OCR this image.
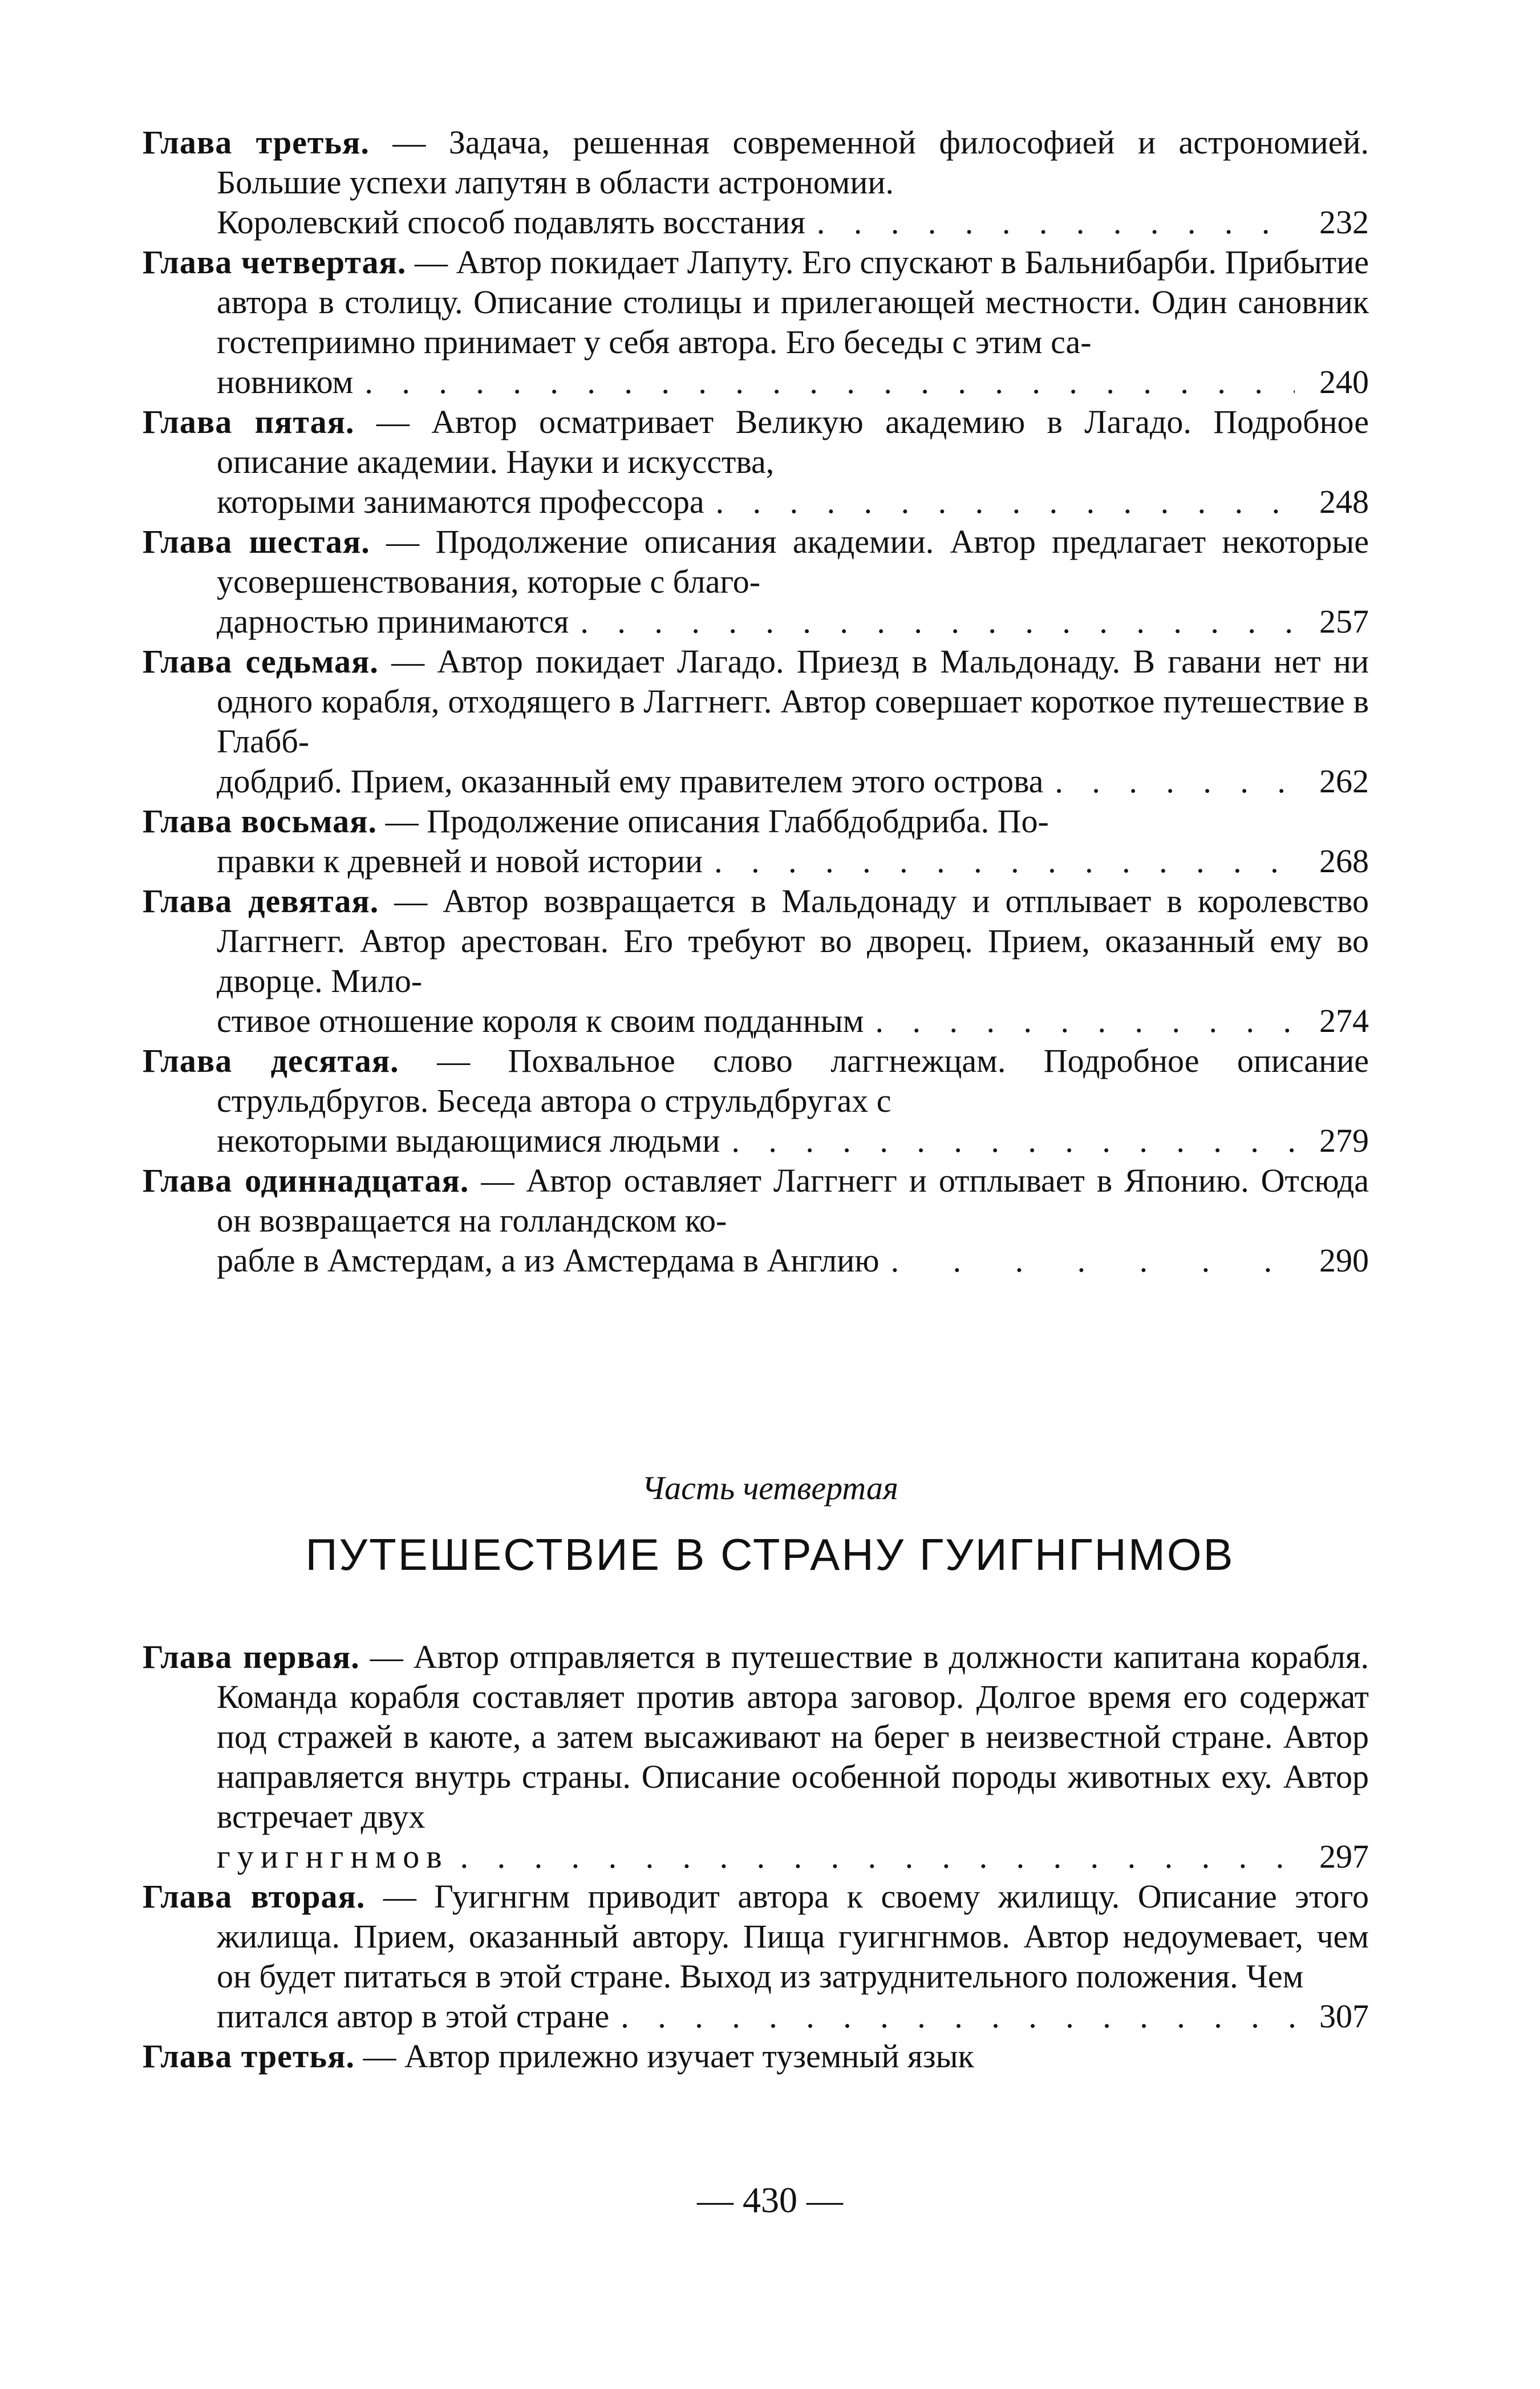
Глава третья. — Задача, решенная современной философией и астрономией. Большие успехи лапутян в области астрономии.

Королевский способ подавлять восстания . . .	232

Глава четвертая. — Автор покидает Лапуту. Его спускают в Бальнибарби. Прибытие автора в столицу. Описание столицы и прилегающей местности. Один сановник гостеприимно принимает у себя автора. Его беседы с этим са-

новником . . .	240

Глава пятая. — Автор осматривает Великую академию в Лагадо. Подробное описание академии. Науки и искусства,

которыми занимаются профессора . . .	248

Глава шестая. — Продолжение описания академии. Автор предлагает некоторые усовершенствования, которые с благо-

дарностью принимаются . . .	257

Глава седьмая. — Автор покидает Лагадо. Приезд в Мальдонаду. В гавани нет ни одного корабля, отходящего в Лаггнегг. Автор совершает короткое путешествие в Глабб-

добдриб. Прием, оказанный ему правителем этого острова . . .	262

Глава восьмая. — Продолжение описания Глаббдобдриба. По-

правки к древней и новой истории . . .	268

Глава девятая. — Автор возвращается в Мальдонаду и отплывает в королевство Лаггнегг. Автор арестован. Его требуют во дворец. Прием, оказанный ему во дворце. Мило-

стивое отношение короля к своим подданным . . .	274

Глава десятая. — Похвальное слово лаггнежцам. Подробное описание струльдбругов. Беседа автора о струльдбругах с

некоторыми выдающимися людьми . . .	279

Глава одиннадцатая. — Автор оставляет Лаггнегг и отплывает в Японию. Отсюда он возвращается на голландском ко-

рабле в Амстердам, а из Амстердама в Англию . . .	290
Часть четвертая
ПУТЕШЕСТВИЕ В СТРАНУ ГУИГНГНМОВ

Глава первая. — Автор отправляется в путешествие в должности капитана корабля. Команда корабля составляет против автора заговор. Долгое время его содержат под стражей в каюте, а затем высаживают на берег в неизвестной стране. Автор направляется внутрь страны. Описание особенной породы животных еху. Автор встречает двух

гуигнгнмов . . .	297

Глава вторая. — Гуигнгнм приводит автора к своему жилищу. Описание этого жилища. Прием, оказанный автору. Пища гуигнгнмов. Автор недоумевает, чем он будет питаться в этой стране. Выход из затруднительного положения. Чем

питался автор в этой стране . . .	307

Глава третья. — Автор прилежно изучает туземный язык

— 430 —
